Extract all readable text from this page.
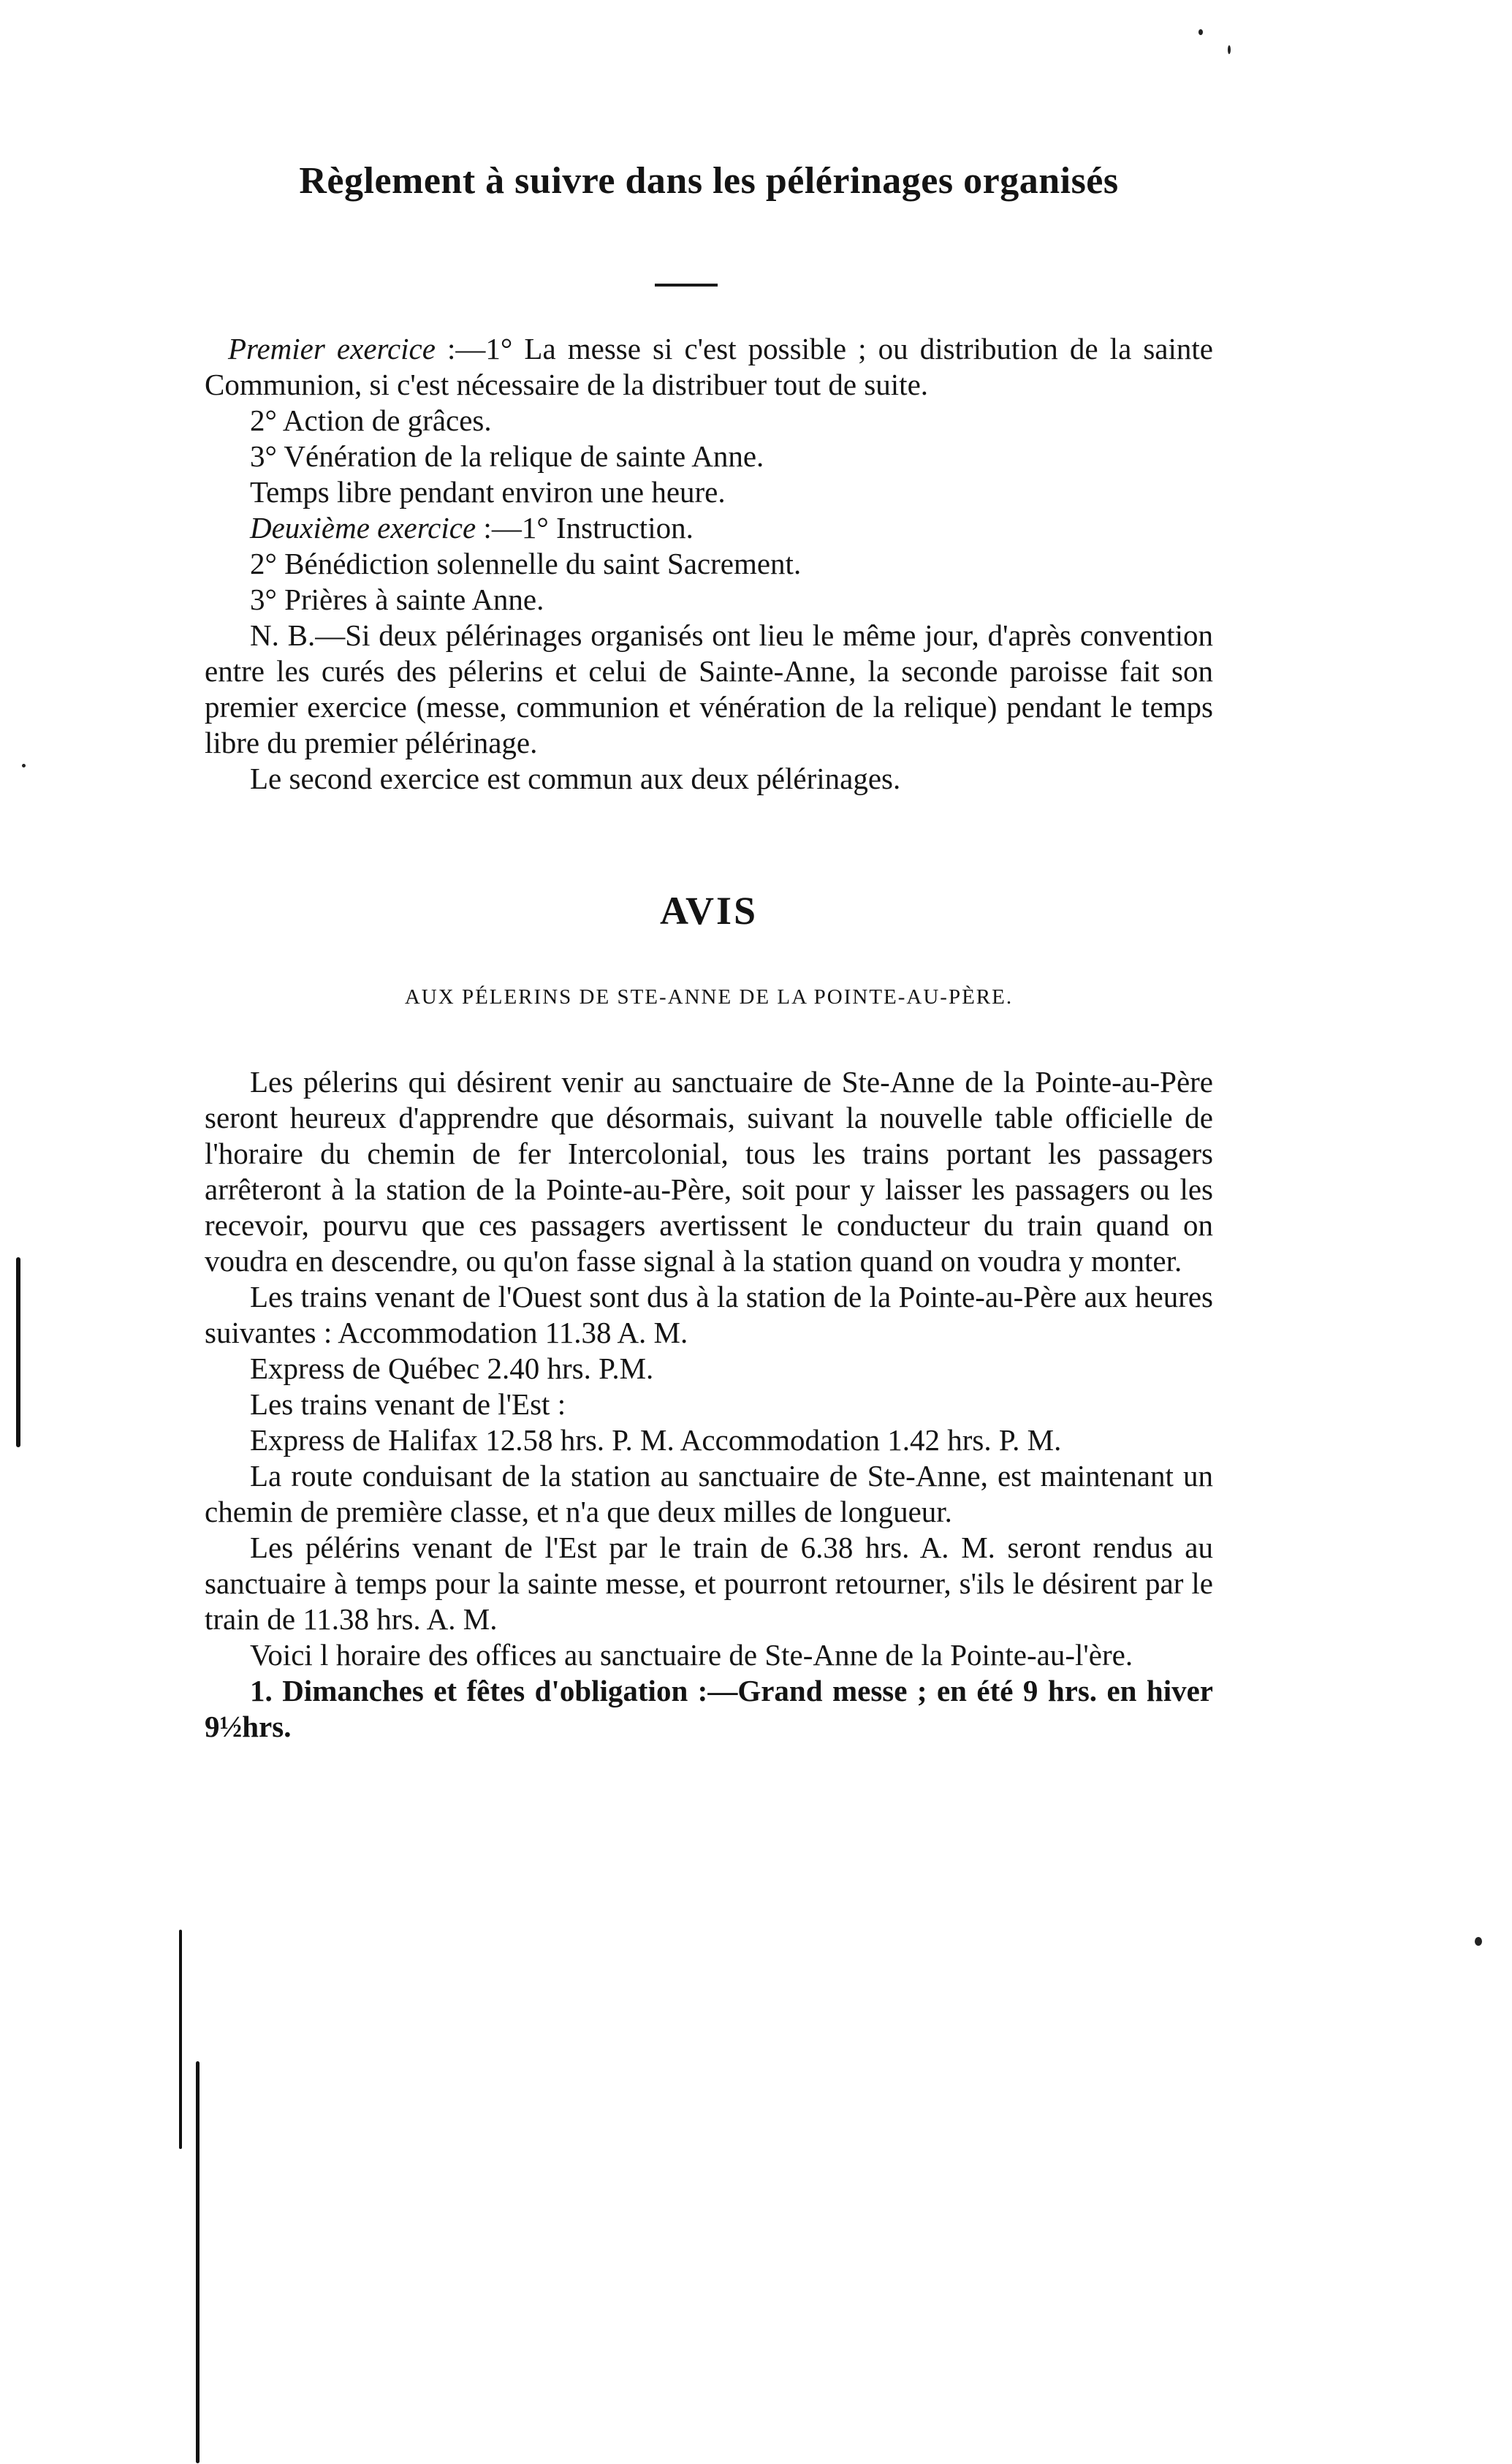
Règlement à suivre dans les pélérinages organisés

Premier exercice :—1° La messe si c'est possible ; ou distribution de la sainte Communion, si c'est nécessaire de la distribuer tout de suite.

2° Action de grâces.

3° Vénération de la relique de sainte Anne.

Temps libre pendant environ une heure.

Deuxième exercice :—1° Instruction.

2° Bénédiction solennelle du saint Sacrement.

3° Prières à sainte Anne.

N. B.—Si deux pélérinages organisés ont lieu le même jour, d'après convention entre les curés des pélerins et celui de Sainte-Anne, la seconde paroisse fait son premier exercice (messe, communion et vénération de la relique) pendant le temps libre du premier pélérinage.

Le second exercice est commun aux deux pélérinages.

AVIS
AUX PÉLERINS DE STE-ANNE DE LA POINTE-AU-PÈRE.

Les pélerins qui désirent venir au sanctuaire de Ste-Anne de la Pointe-au-Père seront heureux d'apprendre que désormais, suivant la nouvelle table officielle de l'horaire du chemin de fer Intercolonial, tous les trains portant les passagers arrêteront à la station de la Pointe-au-Père, soit pour y laisser les passagers ou les recevoir, pourvu que ces passagers avertissent le conducteur du train quand on voudra en descendre, ou qu'on fasse signal à la station quand on voudra y monter.

Les trains venant de l'Ouest sont dus à la station de la Pointe-au-Père aux heures suivantes : Accommodation 11.38 A. M.

Express de Québec 2.40 hrs. P.M.

Les trains venant de l'Est :

Express de Halifax 12.58 hrs. P. M. Accommodation 1.42 hrs. P. M.

La route conduisant de la station au sanctuaire de Ste-Anne, est maintenant un chemin de première classe, et n'a que deux milles de longueur.

Les pélérins venant de l'Est par le train de 6.38 hrs. A. M. seront rendus au sanctuaire à temps pour la sainte messe, et pourront retourner, s'ils le désirent par le train de 11.38 hrs. A. M.

Voici l horaire des offices au sanctuaire de Ste-Anne de la Pointe-au-l'ère.

1. Dimanches et fêtes d'obligation :—Grand messe ; en été 9 hrs. en hiver 9½hrs.
